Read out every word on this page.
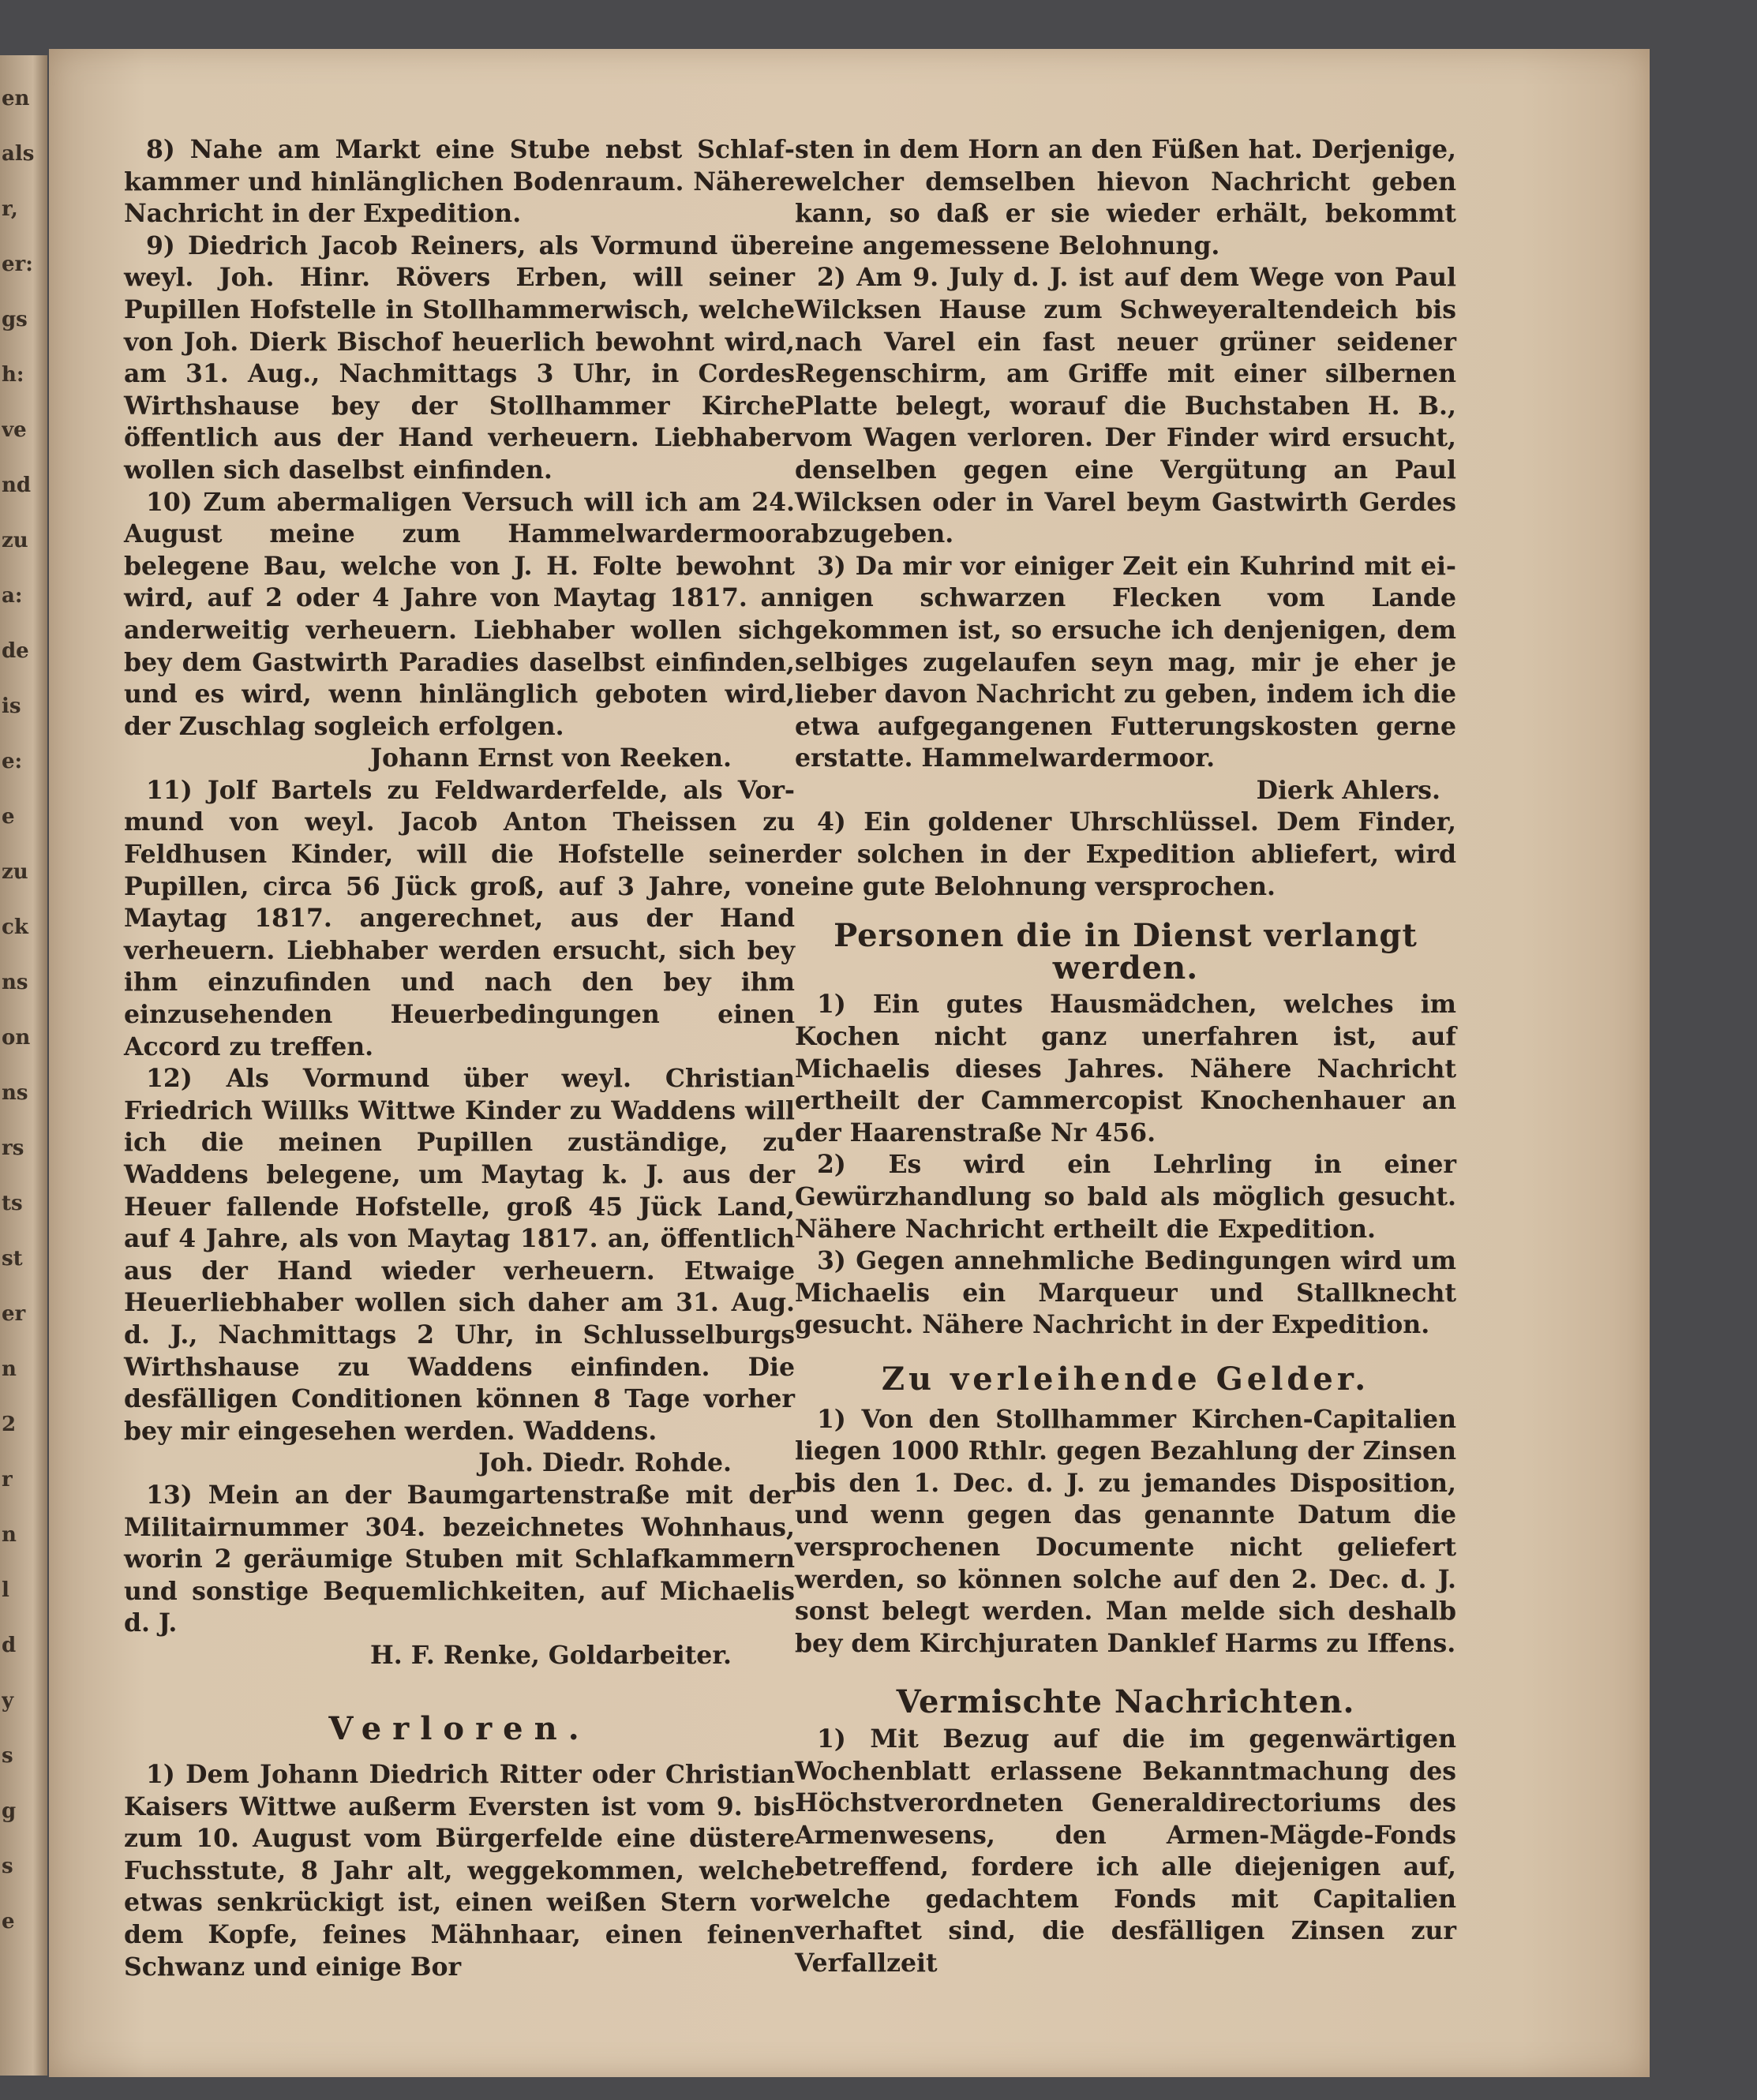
en
als
r,
er:
gs
h:
ve
nd
zu
a:
de
is
e:
e
zu
ck
ns
on
ns
rs
ts
st
er
n
2
r
n
l
d
y
s
g
s
e

8) Nahe am Markt eine Stube nebst Schlafkammer und hinlänglichen Bodenraum. Nähere Nachricht in der Expedition.

9) Diedrich Jacob Reiners, als Vormund über weyl. Joh. Hinr. Rövers Erben, will seiner Pupillen Hofstelle in Stollhammerwisch, welche von Joh. Dierk Bischof heuerlich bewohnt wird, am 31. Aug., Nachmittags 3 Uhr, in Cordes Wirthshause bey der Stollhammer Kirche öffentlich aus der Hand verheuern. Liebhaber wollen sich daselbst einfinden.

10) Zum abermaligen Versuch will ich am 24. August meine zum Hammelwardermoor belegene Bau, welche von J. H. Folte bewohnt wird, auf 2 oder 4 Jahre von Maytag 1817. an anderweitig verheuern. Liebhaber wollen sich bey dem Gastwirth Paradies daselbst einfinden, und es wird, wenn hinlänglich geboten wird, der Zuschlag sogleich erfolgen.

Johann Ernst von Reeken.

11) Jolf Bartels zu Feldwarderfelde, als Vormund von weyl. Jacob Anton Theissen zu Feldhusen Kinder, will die Hofstelle seiner Pupillen, circa 56 Jück groß, auf 3 Jahre, von Maytag 1817. angerechnet, aus der Hand verheuern. Liebhaber werden ersucht, sich bey ihm einzufinden und nach den bey ihm einzusehenden Heuerbedingungen einen Accord zu treffen.

12) Als Vormund über weyl. Christian Friedrich Willks Wittwe Kinder zu Waddens will ich die meinen Pupillen zuständige, zu Waddens belegene, um Maytag k. J. aus der Heuer fallende Hofstelle, groß 45 Jück Land, auf 4 Jahre, als von Maytag 1817. an, öffentlich aus der Hand wieder verheuern. Etwaige Heuerliebhaber wollen sich daher am 31. Aug. d. J., Nachmittags 2 Uhr, in Schlusselburgs Wirthshause zu Waddens einfinden. Die desfälligen Conditionen können 8 Tage vorher bey mir eingesehen werden. Waddens.

Joh. Diedr. Rohde.

13) Mein an der Baumgartenstraße mit der Militairnummer 304. bezeichnetes Wohnhaus, worin 2 geräumige Stuben mit Schlafkammern und sonstige Bequemlichkeiten, auf Michaelis d. J.

H. F. Renke, Goldarbeiter.

Verloren.

1) Dem Johann Diedrich Ritter oder Christian Kaisers Wittwe außerm Eversten ist vom 9. bis zum 10. August vom Bürgerfelde eine düstere Fuchsstute, 8 Jahr alt, weggekommen, welche etwas senkrückigt ist, einen weißen Stern vor dem Kopfe, feines Mähnhaar, einen feinen Schwanz und einige Bor

sten in dem Horn an den Füßen hat. Derjenige, welcher demselben hievon Nachricht geben kann, so daß er sie wieder erhält, bekommt eine angemessene Belohnung.

2) Am 9. July d. J. ist auf dem Wege von Paul Wilcksen Hause zum Schweyeraltendeich bis nach Varel ein fast neuer grüner seidener Regenschirm, am Griffe mit einer silbernen Platte belegt, worauf die Buchstaben H. B., vom Wagen verloren. Der Finder wird ersucht, denselben gegen eine Vergütung an Paul Wilcksen oder in Varel beym Gastwirth Gerdes abzugeben.

3) Da mir vor einiger Zeit ein Kuhrind mit einigen schwarzen Flecken vom Lande gekommen ist, so ersuche ich denjenigen, dem selbiges zugelaufen seyn mag, mir je eher je lieber davon Nachricht zu geben, indem ich die etwa aufgegangenen Futterungskosten gerne erstatte. Hammelwardermoor.

Dierk Ahlers.

4) Ein goldener Uhrschlüssel. Dem Finder, der solchen in der Expedition abliefert, wird eine gute Belohnung versprochen.

Personen die in Dienst verlangt werden.

1) Ein gutes Hausmädchen, welches im Kochen nicht ganz unerfahren ist, auf Michaelis dieses Jahres. Nähere Nachricht ertheilt der Cammercopist Knochenhauer an der Haarenstraße Nr 456.

2) Es wird ein Lehrling in einer Gewürzhandlung so bald als möglich gesucht. Nähere Nachricht ertheilt die Expedition.

3) Gegen annehmliche Bedingungen wird um Michaelis ein Marqueur und Stallknecht gesucht. Nähere Nachricht in der Expedition.

Zu verleihende Gelder.

1) Von den Stollhammer Kirchen-Capitalien liegen 1000 Rthlr. gegen Bezahlung der Zinsen bis den 1. Dec. d. J. zu jemandes Disposition, und wenn gegen das genannte Datum die versprochenen Documente nicht geliefert werden, so können solche auf den 2. Dec. d. J. sonst belegt werden. Man melde sich deshalb bey dem Kirchjuraten Danklef Harms zu Iffens.

Vermischte Nachrichten.

1) Mit Bezug auf die im gegenwärtigen Wochenblatt erlassene Bekanntmachung des Höchstverordneten Generaldirectoriums des Armenwesens, den Armen-Mägde-Fonds betreffend, fordere ich alle diejenigen auf, welche gedachtem Fonds mit Capitalien verhaftet sind, die desfälligen Zinsen zur Verfallzeit
